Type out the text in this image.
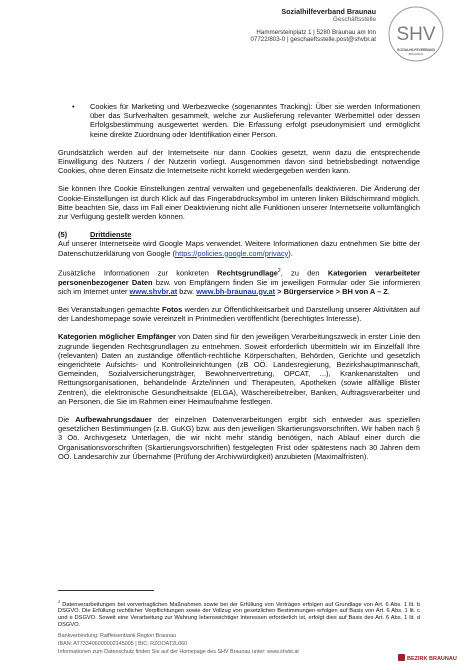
Sozialhilfeverband Braunau
Geschäftsstelle
Hammersteinplatz 1 | 5280 Braunau am Inn
07722/803-0 | geschaeftsstelle.post@shvbr.at SHV
SOZIALHILFEVERBAND
BRAUNAU
•	Cookies für Marketing und Werbezwecke (sogenanntes Tracking): Über sie werden Informationen über das Surfverhalten gesammelt, welche zur Auslieferung relevanter Werbemittel oder dessen Erfolgsbestimmung ausgewertet werden. Die Erfassung erfolgt pseudonymisiert und ermöglicht keine direkte Zuordnung oder Identifikation einer Person.

Grundsätzlich werden auf der Internetseite nur dann Cookies gesetzt, wenn dazu die entsprechende Einwilligung des Nutzers / der Nutzerin vorliegt. Ausgenommen davon sind betriebsbedingt notwendige Cookies, ohne deren Einsatz die Internetseite nicht korrekt wiedergegeben werden kann.

Sie können Ihre Cookie Einstellungen zentral verwalten und gegebenenfalls deaktivieren. Die Änderung der Cookie-Einstellungen ist durch Klick auf das Fingerabdrucksymbol im unteren linken Bildschirmrand möglich. Bitte beachten Sie, dass im Fall einer Deaktivierung nicht alle Funktionen unserer Internetseite vollumfänglich zur Verfügung gestellt werden können.

(5)	Drittdienste

Auf unserer Internetseite wird Google Maps verwendet. Weitere Informationen dazu entnehmen Sie bitte der Datenschutzerklärung von Google (https://policies.google.com/privacy).

Zusätzliche Informationen zur konkreten Rechtsgrundlage$^2$, zu den Kategorien verarbeiteter personenbezogener Daten bzw. von Empfängern finden Sie im jeweiligen Formular oder Sie informieren sich im Internet unter www.shvbr.at bzw. www.bh-braunau.gv.at > Bürgerservice > BH von A – Z.

Bei Veranstaltungen gemachte Fotos werden zur Öffentlichkeitsarbeit und Darstellung unserer Aktivitäten auf der Landeshomepage sowie vereinzelt in Printmedien veröffentlicht (berechtigtes Interesse).

Kategorien möglicher Empfänger von Daten sind für den jeweiligen Verarbeitungszweck in erster Linie den zugrunde liegenden Rechtsgrundlagen zu entnehmen. Soweit erforderlich übermitteln wir im Einzelfall Ihre (relevanten) Daten an zuständige öffentlich-rechtliche Körperschaften, Behörden, Gerichte und gesetzlich eingerichtete Aufsichts- und Kontrolleinrichtungen (zB OÖ. Landesregierung, Bezirkshauptmannschaft, Gemeinden, Sozialversicherungsträger, Bewohnervertretung, OPCAT, ...), Krankenanstalten und Rettungsorganisationen, behandelnde Ärzte/innen und Therapeuten, Apotheken (sowie allfällige Blister Zentren), die elektronische Gesundheitsakte (ELGA), Wäschereibetreiber, Banken, Auftragsverarbeiter und an Personen, die Sie im Rahmen einer Heimaufnahme festlegen.

Die Aufbewahrungsdauer der einzelnen Datenverarbeitungen ergibt sich entweder aus speziellen gesetzlichen Bestimmungen (z.B. GuKG) bzw. aus den jeweiligen Skartierungsvorschriften. Wir haben nach § 3 Oö. Archivgesetz Unterlagen, die wir nicht mehr ständig benötigen, nach Ablauf einer durch die Organisationsvorschriften (Skartierungsvorschriften) festgelegten Frist oder spätestens nach 30 Jahren dem OÖ. Landesarchiv zur Übernahme (Prüfung der Archivwürdigkeit) anzubieten (Maximalfristen).

$^2$ Datenverarbeitungen bei vorvertraglichen Maßnahmen sowie bei der Erfüllung von Verträgen erfolgen auf Grundlage von Art. 6 Abs. 1 lit. b DSGVO. Die Erfüllung rechtlicher Verpflichtungen sowie der Vollzug von gesetzlichen Bestimmungen erfolgen auf Basis von Art. 6 Abs. 1 lit. c und e DSGVO. Soweit eine Verarbeitung zur Wahrung lebenswichtiger Interessen erforderlich ist, erfolgt dies auf Basis des Art. 6 Abs. 1 lit. d DSGVO.

Bankverbindung: Raiffeisenbank Region Braunau
IBAN: AT733406000002145005 | BIC: RZOOAT2L060
Informationen zum Datenschutz finden Sie auf der Homepage des SHV Braunau unter: www.shvbr.at
BEZIRK BRAUNAU
